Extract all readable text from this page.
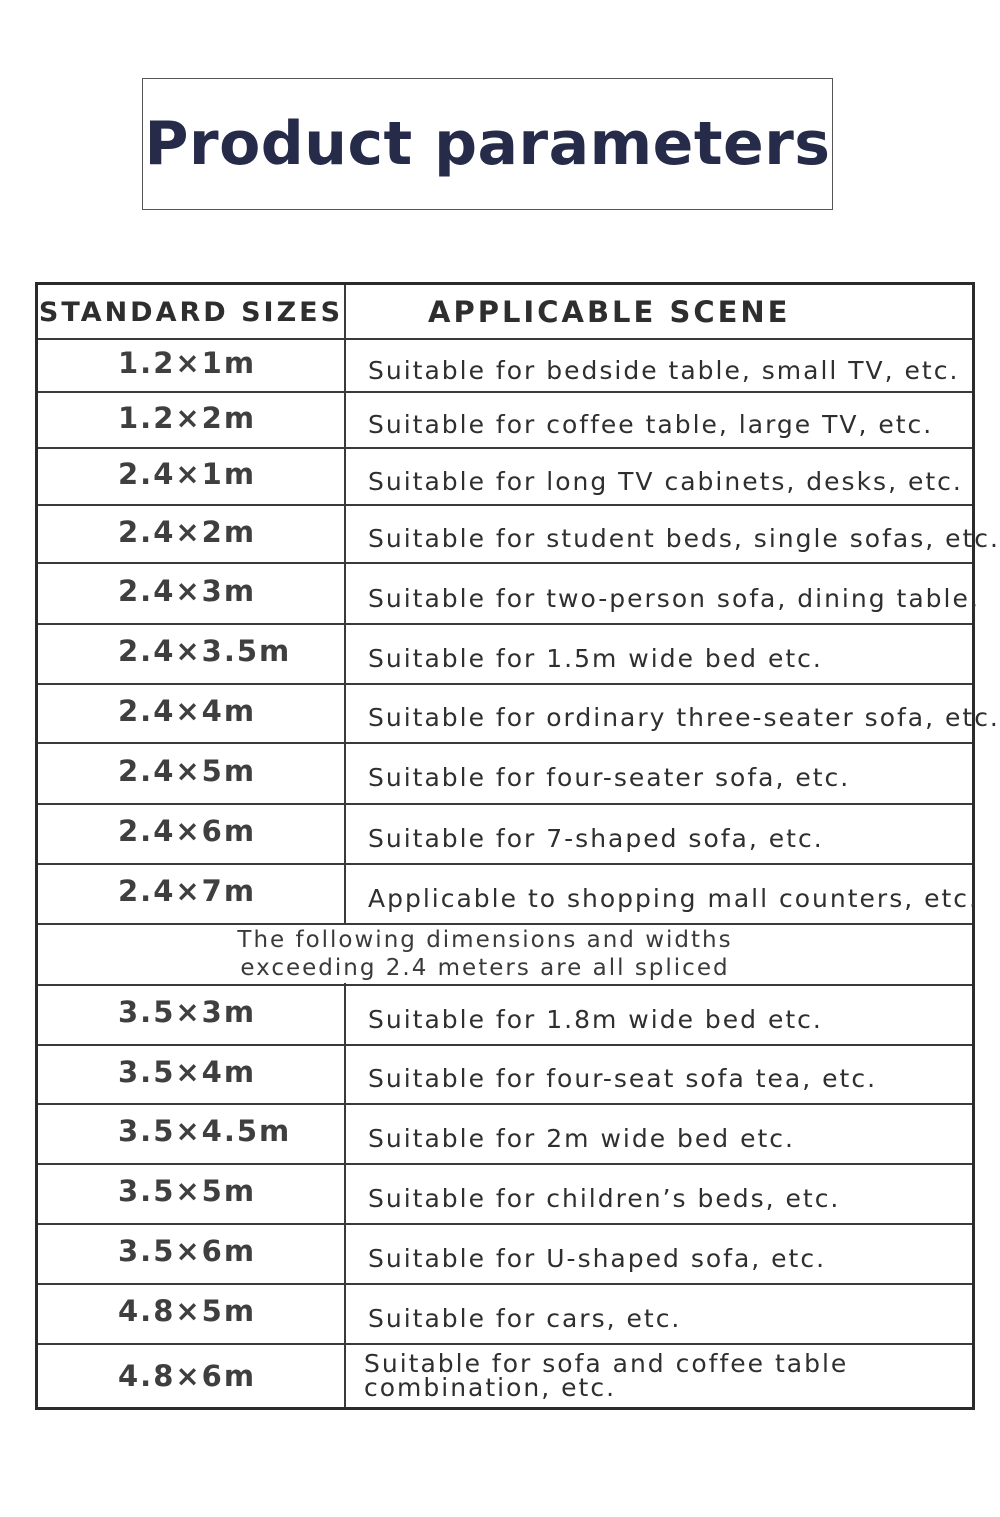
Product parameters
STANDARD SIZES	APPLICABLE SCENE
1.2×1m	Suitable for bedside table, small TV, etc.
1.2×2m	Suitable for coffee table, large TV, etc.
2.4×1m	Suitable for long TV cabinets, desks, etc.
2.4×2m	Suitable for student beds, single sofas, etc.
2.4×3m	Suitable for two-person sofa, dining table,
2.4×3.5m	Suitable for 1.5m wide bed etc.
2.4×4m	Suitable for ordinary three-seater sofa, etc.
2.4×5m	Suitable for four-seater sofa, etc.
2.4×6m	Suitable for 7-shaped sofa, etc.
2.4×7m	Applicable to shopping mall counters, etc.
The following dimensions and widths
exceeding 2.4 meters are all spliced
3.5×3m	Suitable for 1.8m wide bed etc.
3.5×4m	Suitable for four-seat sofa tea, etc.
3.5×4.5m	Suitable for 2m wide bed etc.
3.5×5m	Suitable for children’s beds, etc.
3.5×6m	Suitable for U-shaped sofa, etc.
4.8×5m	Suitable for cars, etc.
4.8×6m	Suitable for sofa and coffee table combination, etc.
